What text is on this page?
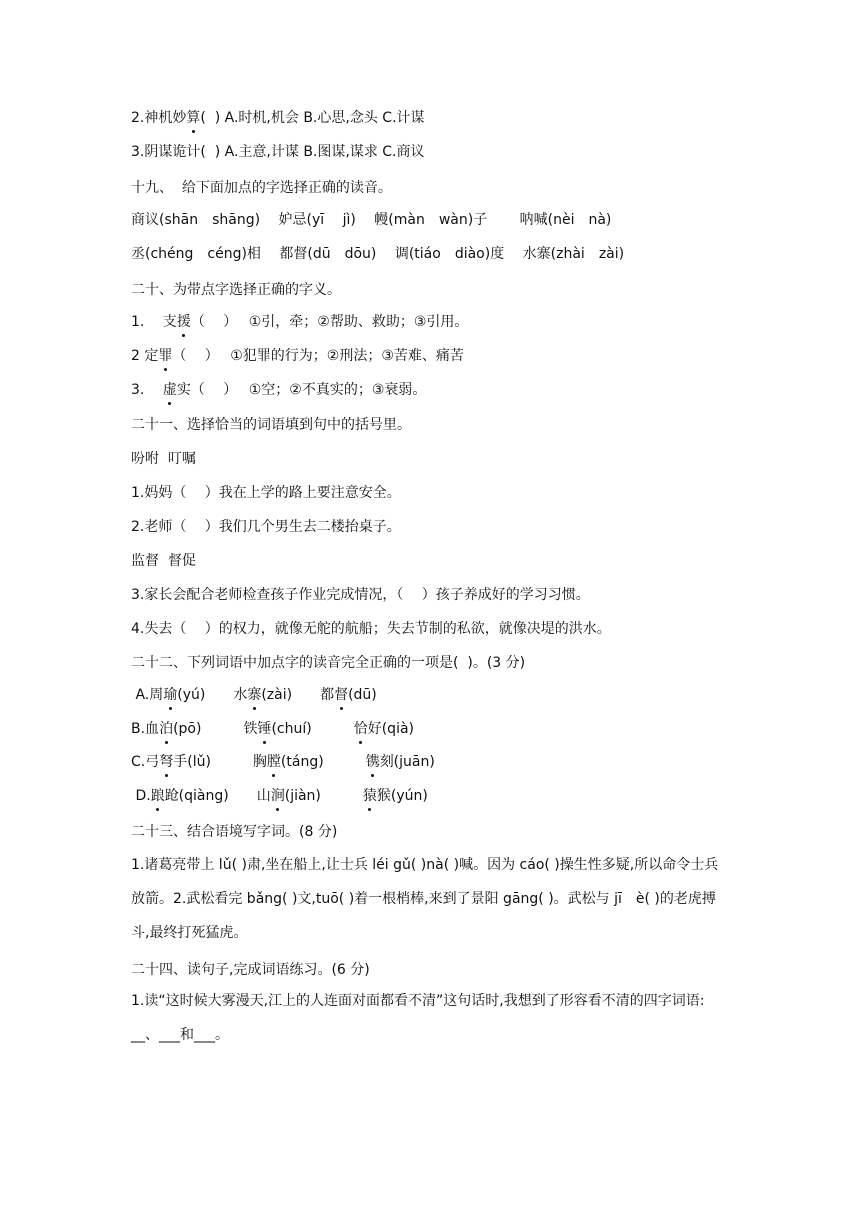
2.神机妙算(  ) A.时机,机会 B.心思,念头 C.计谋
3.阴谋诡计(  ) A.主意,计谋 B.图谋,谋求 C.商议
十九、  给下面加点的字选择正确的读音。
商议(shān　shāng)　 妒忌(yī　 jì)　 幔(màn　wàn)子　　 呐喊(nèi　nà)
丞(chéng　céng)相　 都督(dū　dōu)　 调(tiáo　diào)度　 水寨(zhài　zài)
二十、为带点字选择正确的字义。
1.　 支援（　 ）　 ①引，牵；②帮助、救助；③引用。
2 定罪（　 ）　 ①犯罪的行为；②刑法；③苦难、痛苦
3.　 虚实（　 ）　 ①空；②不真实的；③衰弱。
二十一、选择恰当的词语填到句中的括号里。
吩咐  叮嘱
1.妈妈（　 ）我在上学的路上要注意安全。
2.老师（　 ）我们几个男生去二楼抬桌子。
监督  督促
3.家长会配合老师检查孩子作业完成情况，（　 ）孩子养成好的学习习惯。
4.失去（　 ）的权力，就像无舵的航船；失去节制的私欲，就像决堤的洪水。
二十二、下列词语中加点字的读音完全正确的一项是(  )。(3 分)
A.周瑜(yú)　　水寨(zài)　　都督(dū)
B.血泊(pō)　　　铁锤(chuí)　　　恰好(qià)
C.弓弩手(lǔ)　　　胸膛(táng)　　　镌刻(juān)
D.踉跄(qiàng)　　山涧(jiàn)　　　猿猴(yún)
二十三、结合语境写字词。(8 分)
1.诸葛亮带上 lǔ( )肃,坐在船上,让士兵 léi gǔ( )nà( )喊。因为 cáo( )操生性多疑,所以命令士兵放箭。2.武松看完 bǎng( )文,tuō( )着一根梢棒,来到了景阳 gāng( )。武松与 jī　è( )的老虎搏斗,最终打死猛虎。
二十四、读句子,完成词语练习。(6 分)
1.读“这时候大雾漫天,江上的人连面对面都看不清”这句话时,我想到了形容看不清的四字词语: __、___和___。
